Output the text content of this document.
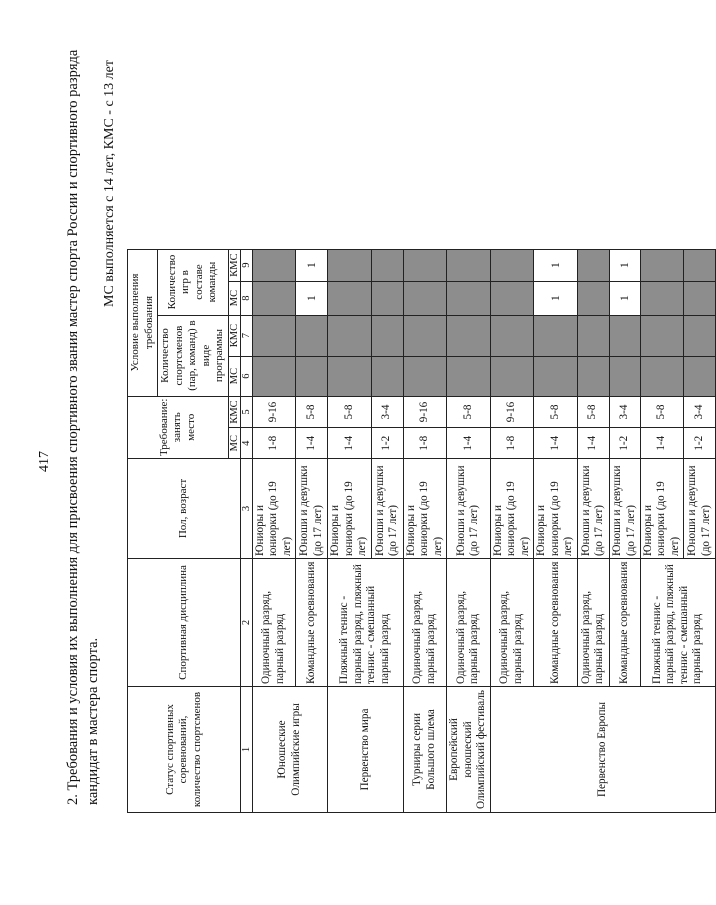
417 2. Требования и условия их выполнения для присвоения спортивного звания мастер спорта России и спортивного разряда кандидат в мастера спорта.
МС выполняется с 14 лет, КМС - с 13 лет
Статус спортивных соревнований, количество спортсменов	Спортивная дисциплина	Пол, возраст	Требование: занять место		Условие выполнения требования			
					Количество спортсменов (пар, команд) в виде программы		Количество игр в составе команды	
			МС	КМС	МС	КМС	МС	КМС
1	2	3	4	5	6	7	8	9
Юношеские Олимпийские игры	Одиночный разряд, парный разряд	Юниоры и юниорки (до 19 лет)	1-8	9-16				
	Командные соревнования	Юноши и девушки (до 17 лет)	1-4	5-8			1	1
Первенство мира	Пляжный теннис - парный разряд, пляжный теннис - смешанный парный разряд	Юниоры и юниорки (до 19 лет)	1-4	5-8				
		Юноши и девушки (до 17 лет)	1-2	3-4				
Турниры серии Большого шлема	Одиночный разряд, парный разряд	Юниоры и юниорки (до 19 лет)	1-8	9-16				
Европейский юношеский Олимпийский фестиваль	Одиночный разряд, парный разряд	Юноши и девушки (до 17 лет)	1-4	5-8				
Первенство Европы	Одиночный разряд, парный разряд	Юниоры и юниорки (до 19 лет)	1-8	9-16				
	Командные соревнования	Юниоры и юниорки (до 19 лет)	1-4	5-8			1	1
	Одиночный разряд, парный разряд	Юноши и девушки (до 17 лет)	1-4	5-8				
	Командные соревнования	Юноши и девушки (до 17 лет)	1-2	3-4			1	1
	Пляжный теннис - парный разряд, пляжный теннис - смешанный парный разряд	Юниоры и юниорки (до 19 лет)	1-4	5-8				
		Юноши и девушки (до 17 лет)	1-2	3-4				
